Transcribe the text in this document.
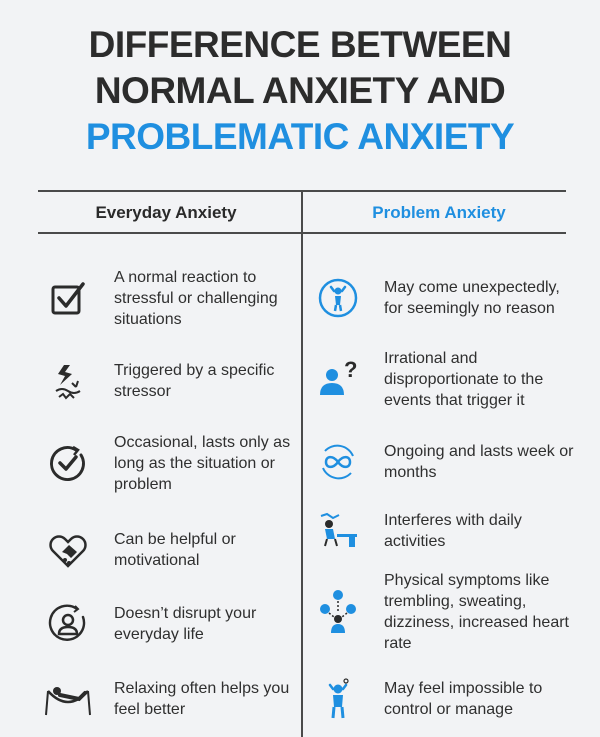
DIFFERENCE BETWEEN
NORMAL ANXIETY AND
PROBLEMATIC ANXIETY
Everyday Anxiety	Problem Anxiety
A normal reaction to stressful or challenging situations
Triggered by a specific stressor
Occasional, lasts only as long as the situation or problem
Can be helpful or motivational
Doesn’t disrupt your everyday life
Relaxing often helps you feel better
May come unexpectedly, for seemingly no reason
? Irrational and disproportionate to the events that trigger it
Ongoing and lasts week or months
Interferes with daily activities
Physical symptoms like trembling, sweating, dizziness, increased heart rate
May feel impossible to control or manage
